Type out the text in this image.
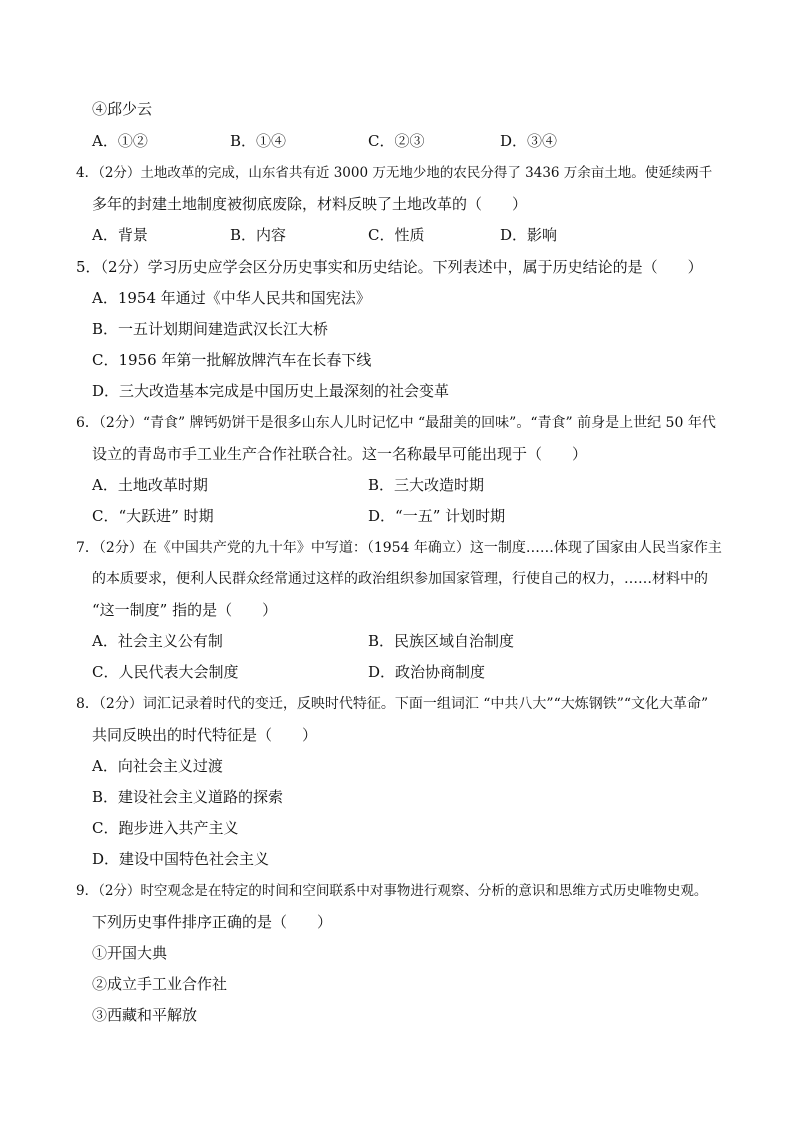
④邱少云
A．①②	B．①④	C．②③	D．③④
4．（2分）土地改革的完成，山东省共有近 3000 万无地少地的农民分得了 3436 万余亩土地。使延续两千
多年的封建土地制度被彻底废除，材料反映了土地改革的（　　）
A．背景	B．内容	C．性质	D．影响
5．（2分）学习历史应学会区分历史事实和历史结论。下列表述中，属于历史结论的是（　　）
A．1954 年通过《中华人民共和国宪法》
B．一五计划期间建造武汉长江大桥
C．1956 年第一批解放牌汽车在长春下线
D．三大改造基本完成是中国历史上最深刻的社会变革
6．（2分）“青食” 牌钙奶饼干是很多山东人儿时记忆中 “最甜美的回味”。“青食” 前身是上世纪 50 年代
设立的青岛市手工业生产合作社联合社。这一名称最早可能出现于（　　）
A．土地改革时期	B．三大改造时期
C．“大跃进” 时期	D．“一五” 计划时期
7．（2分）在《中国共产党的九十年》中写道：（1954 年确立）这一制度……体现了国家由人民当家作主
的本质要求，便利人民群众经常通过这样的政治组织参加国家管理，行使自己的权力，……材料中的
“这一制度” 指的是（　　）
A．社会主义公有制	B．民族区域自治制度
C．人民代表大会制度	D．政治协商制度
8．（2分）词汇记录着时代的变迁，反映时代特征。下面一组词汇 “中共八大”“大炼钢铁”“文化大革命”
共同反映出的时代特征是（　　）
A．向社会主义过渡
B．建设社会主义道路的探索
C．跑步进入共产主义
D．建设中国特色社会主义
9．（2分）时空观念是在特定的时间和空间联系中对事物进行观察、分析的意识和思维方式历史唯物史观。
下列历史事件排序正确的是（　　）
①开国大典
②成立手工业合作社
③西藏和平解放
